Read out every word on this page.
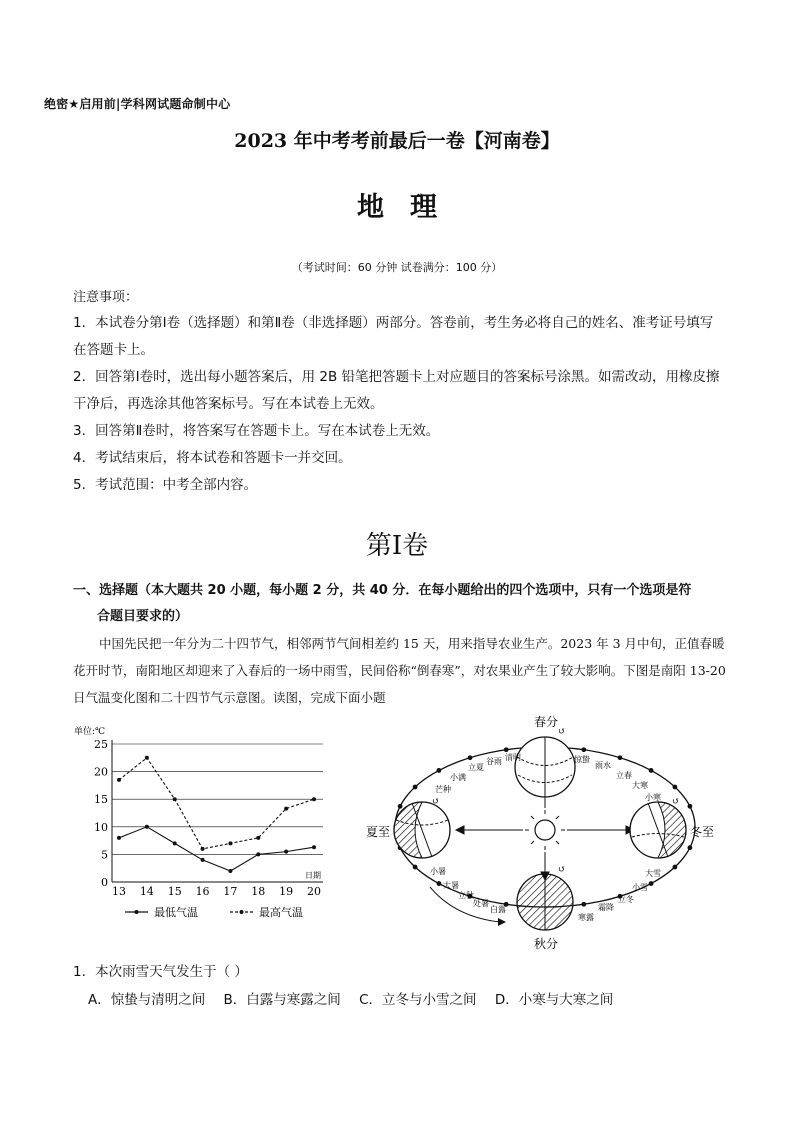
绝密★启用前|学科网试题命制中心
2023 年中考考前最后一卷【河南卷】
地理
（考试时间：60 分钟 试卷满分：100 分）
注意事项：

1．本试卷分第Ⅰ卷（选择题）和第Ⅱ卷（非选择题）两部分。答卷前，考生务必将自己的姓名、准考证号填写在答题卡上。

2．回答第Ⅰ卷时，选出每小题答案后，用 2B 铅笔把答题卡上对应题目的答案标号涂黑。如需改动，用橡皮擦干净后，再选涂其他答案标号。写在本试卷上无效。

3．回答第Ⅱ卷时，将答案写在答题卡上。写在本试卷上无效。

4．考试结束后，将本试卷和答题卡一并交回。

5．考试范围：中考全部内容。

第Ⅰ卷
一、选择题（本大题共 20 小题，每小题 2 分，共 40 分．在每小题给出的四个选项中，只有一个选项是符
合题目要求的）

中国先民把一年分为二十四节气，相邻两节气间相差约 15 天，用来指导农业生产。2023 年 3 月中旬，正值春暖花开时节，南阳地区却迎来了入春后的一场中雨雪，民间俗称“倒春寒”，对农果业产生了较大影响。下图是南阳 13-20 日气温变化图和二十四节气示意图。读图，完成下面小题

单位:℃
0
5
10
15
20
25
13 14 15 16 17 18 19 20
日期
最低气温	最高气温
↺
春分
↺
夏至
↺
冬至
↺
秋分
芒种
小满
立夏
谷雨 清明	惊蛰
雨水
立春
大寒
小寒
小暑
大暑
立秋
处暑
白露
寒露
霜降
立冬
小雪
大雪
1．本次雨雪天气发生于（ ）
A．惊蛰与清明之间 B．白露与寒露之间 C．立冬与小雪之间 D．小寒与大寒之间
